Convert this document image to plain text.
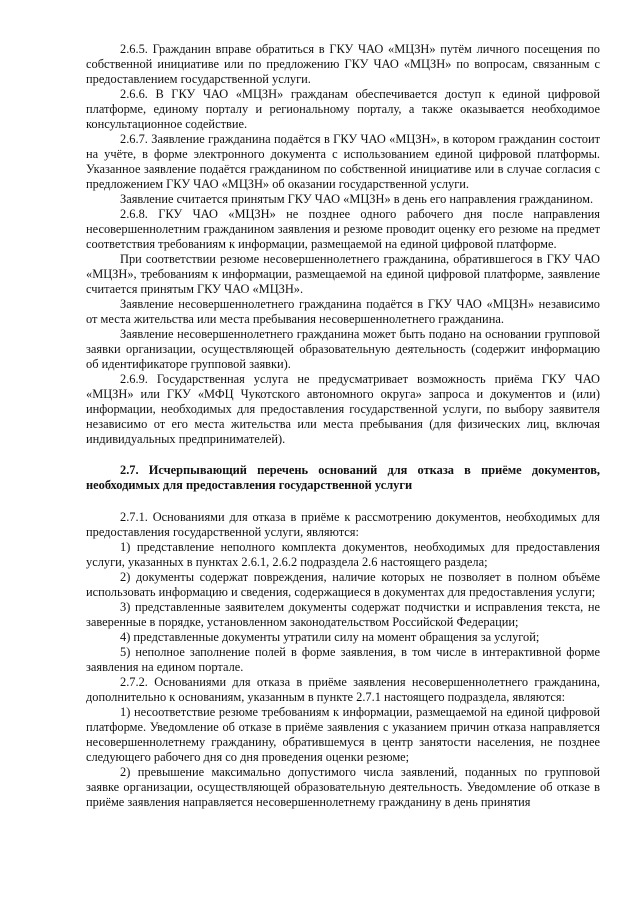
2.6.5. Гражданин вправе обратиться в ГКУ ЧАО «МЦЗН» путём личного посещения по собственной инициативе или по предложению ГКУ ЧАО «МЦЗН» по вопросам, связанным с предоставлением государственной услуги.

2.6.6. В ГКУ ЧАО «МЦЗН» гражданам обеспечивается доступ к единой цифровой платформе, единому порталу и региональному порталу, а также оказывается необходимое консультационное содействие.

2.6.7. Заявление гражданина подаётся в ГКУ ЧАО «МЦЗН», в котором гражданин состоит на учёте, в форме электронного документа с использованием единой цифровой платформы. Указанное заявление подаётся гражданином по собственной инициативе или в случае согласия с предложением ГКУ ЧАО «МЦЗН» об оказании государственной услуги.

Заявление считается принятым ГКУ ЧАО «МЦЗН» в день его направления гражданином.

2.6.8. ГКУ ЧАО «МЦЗН» не позднее одного рабочего дня после направления несовершеннолетним гражданином заявления и резюме проводит оценку его резюме на предмет соответствия требованиям к информации, размещаемой на единой цифровой платформе.

При соответствии резюме несовершеннолетнего гражданина, обратившегося в ГКУ ЧАО «МЦЗН», требованиям к информации, размещаемой на единой цифровой платформе, заявление считается принятым ГКУ ЧАО «МЦЗН».

Заявление несовершеннолетнего гражданина подаётся в ГКУ ЧАО «МЦЗН» независимо от места жительства или места пребывания несовершеннолетнего гражданина.

Заявление несовершеннолетнего гражданина может быть подано на основании групповой заявки организации, осуществляющей образовательную деятельность (содержит информацию об идентификаторе групповой заявки).

2.6.9. Государственная услуга не предусматривает возможность приёма ГКУ ЧАО «МЦЗН» или ГКУ «МФЦ Чукотского автономного округа» запроса и документов и (или) информации, необходимых для предоставления государственной услуги, по выбору заявителя независимо от его места жительства или места пребывания (для физических лиц, включая индивидуальных предпринимателей).

2.7. Исчерпывающий перечень оснований для отказа в приёме документов, необходимых для предоставления государственной услуги

2.7.1. Основаниями для отказа в приёме к рассмотрению документов, необходимых для предоставления государственной услуги, являются:

1) представление неполного комплекта документов, необходимых для предоставления услуги, указанных в пунктах 2.6.1, 2.6.2 подраздела 2.6 настоящего раздела;

2) документы содержат повреждения, наличие которых не позволяет в полном объёме использовать информацию и сведения, содержащиеся в документах для предоставления услуги;

3) представленные заявителем документы содержат подчистки и исправления текста, не заверенные в порядке, установленном законодательством Российской Федерации;

4) представленные документы утратили силу на момент обращения за услугой;

5) неполное заполнение полей в форме заявления, в том числе в интерактивной форме заявления на едином портале.

2.7.2. Основаниями для отказа в приёме заявления несовершеннолетнего гражданина, дополнительно к основаниям, указанным в пункте 2.7.1 настоящего подраздела, являются:

1) несоответствие резюме требованиям к информации, размещаемой на единой цифровой платформе. Уведомление об отказе в приёме заявления с указанием причин отказа направляется несовершеннолетнему гражданину, обратившемуся в центр занятости населения, не позднее следующего рабочего дня со дня проведения оценки резюме;

2) превышение максимально допустимого числа заявлений, поданных по групповой заявке организации, осуществляющей образовательную деятельность. Уведомление об отказе в приёме заявления направляется несовершеннолетнему гражданину в день принятия
